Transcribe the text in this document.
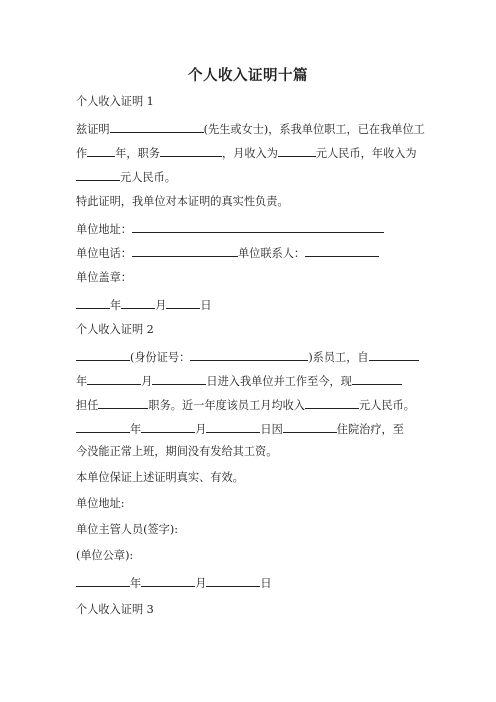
个人收入证明十篇
个人收入证明 1
兹证明	(先生或女士)，系我单位职工，已在我单位工
作	年，职务	，月收入为	元人民币，年收入为
元人民币。
特此证明，我单位对本证明的真实性负责。
单位地址：
单位电话：	单位联系人：
单位盖章：
年	月	日
个人收入证明 2
(身份证号：	)系员工，自
年	月	日进入我单位并工作至今，现
担任	职务。近一年度该员工月均收入	元人民币。
年	月	日因	住院治疗，至
今没能正常上班，期间没有发给其工资。
本单位保证上述证明真实、有效。
单位地址:
单位主管人员(签字):
(单位公章):
年	月	日
个人收入证明 3
